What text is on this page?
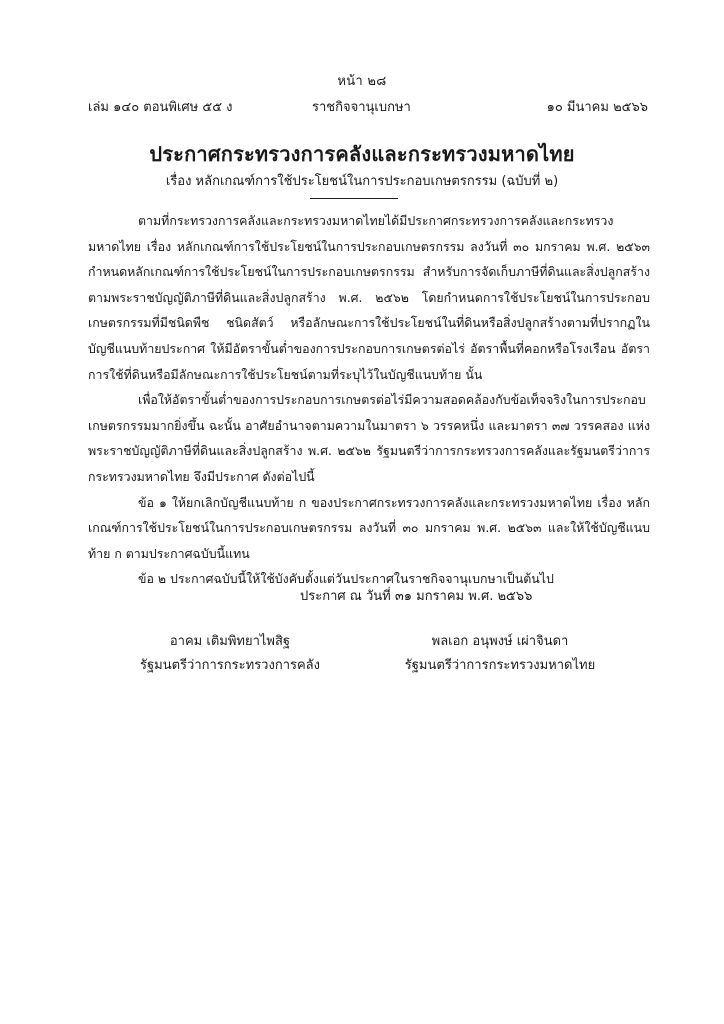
หน้า ๒๘
เล่ม ๑๔๐ ตอนพิเศษ ๕๕ ง	ราชกิจจานุเบกษา	๑๐ มีนาคม ๒๕๖๖
ประกาศกระทรวงการคลังและกระทรวงมหาดไทย
เรื่อง หลักเกณฑ์การใช้ประโยชน์ในการประกอบเกษตรกรรม (ฉบับที่ ๒)

ตามที่กระทรวงการคลังและกระทรวงมหาดไทยได้มีประกาศกระทรวงการคลังและกระทรวงมหาดไทย เรื่อง หลักเกณฑ์การใช้ประโยชน์ในการประกอบเกษตรกรรม ลงวันที่ ๓๐ มกราคม พ.ศ. ๒๕๖๓ กำหนดหลักเกณฑ์การใช้ประโยชน์ในการประกอบเกษตรกรรม สำหรับการจัดเก็บภาษีที่ดินและสิ่งปลูกสร้าง ตามพระราชบัญญัติภาษีที่ดินและสิ่งปลูกสร้าง พ.ศ. ๒๕๖๒ โดยกำหนดการใช้ประโยชน์ในการประกอบเกษตรกรรมที่มีชนิดพืช ชนิดสัตว์ หรือลักษณะการใช้ประโยชน์ในที่ดินหรือสิ่งปลูกสร้างตามที่ปรากฏในบัญชีแนบท้ายประกาศ ให้มีอัตราขั้นต่ำของการประกอบการเกษตรต่อไร่ อัตราพื้นที่คอกหรือโรงเรือน อัตราการใช้ที่ดินหรือมีลักษณะการใช้ประโยชน์ตามที่ระบุไว้ในบัญชีแนบท้าย นั้น

เพื่อให้อัตราขั้นต่ำของการประกอบการเกษตรต่อไร่มีความสอดคล้องกับข้อเท็จจริงในการประกอบเกษตรกรรมมากยิ่งขึ้น ฉะนั้น อาศัยอำนาจตามความในมาตรา ๖ วรรคหนึ่ง และมาตรา ๓๗ วรรคสอง แห่งพระราชบัญญัติภาษีที่ดินและสิ่งปลูกสร้าง พ.ศ. ๒๕๖๒ รัฐมนตรีว่าการกระทรวงการคลังและรัฐมนตรีว่าการกระทรวงมหาดไทย จึงมีประกาศ ดังต่อไปนี้

ข้อ ๑ ให้ยกเลิกบัญชีแนบท้าย ก ของประกาศกระทรวงการคลังและกระทรวงมหาดไทย เรื่อง หลักเกณฑ์การใช้ประโยชน์ในการประกอบเกษตรกรรม ลงวันที่ ๓๐ มกราคม พ.ศ. ๒๕๖๓ และให้ใช้บัญชีแนบท้าย ก ตามประกาศฉบับนี้แทน

ข้อ ๒ ประกาศฉบับนี้ให้ใช้บังคับตั้งแต่วันประกาศในราชกิจจานุเบกษาเป็นต้นไป

ประกาศ ณ วันที่ ๓๑ มกราคม พ.ศ. ๒๕๖๖
อาคม เติมพิทยาไพสิฐ
รัฐมนตรีว่าการกระทรวงการคลัง
พลเอก อนุพงษ์ เผ่าจินดา
รัฐมนตรีว่าการกระทรวงมหาดไทย
